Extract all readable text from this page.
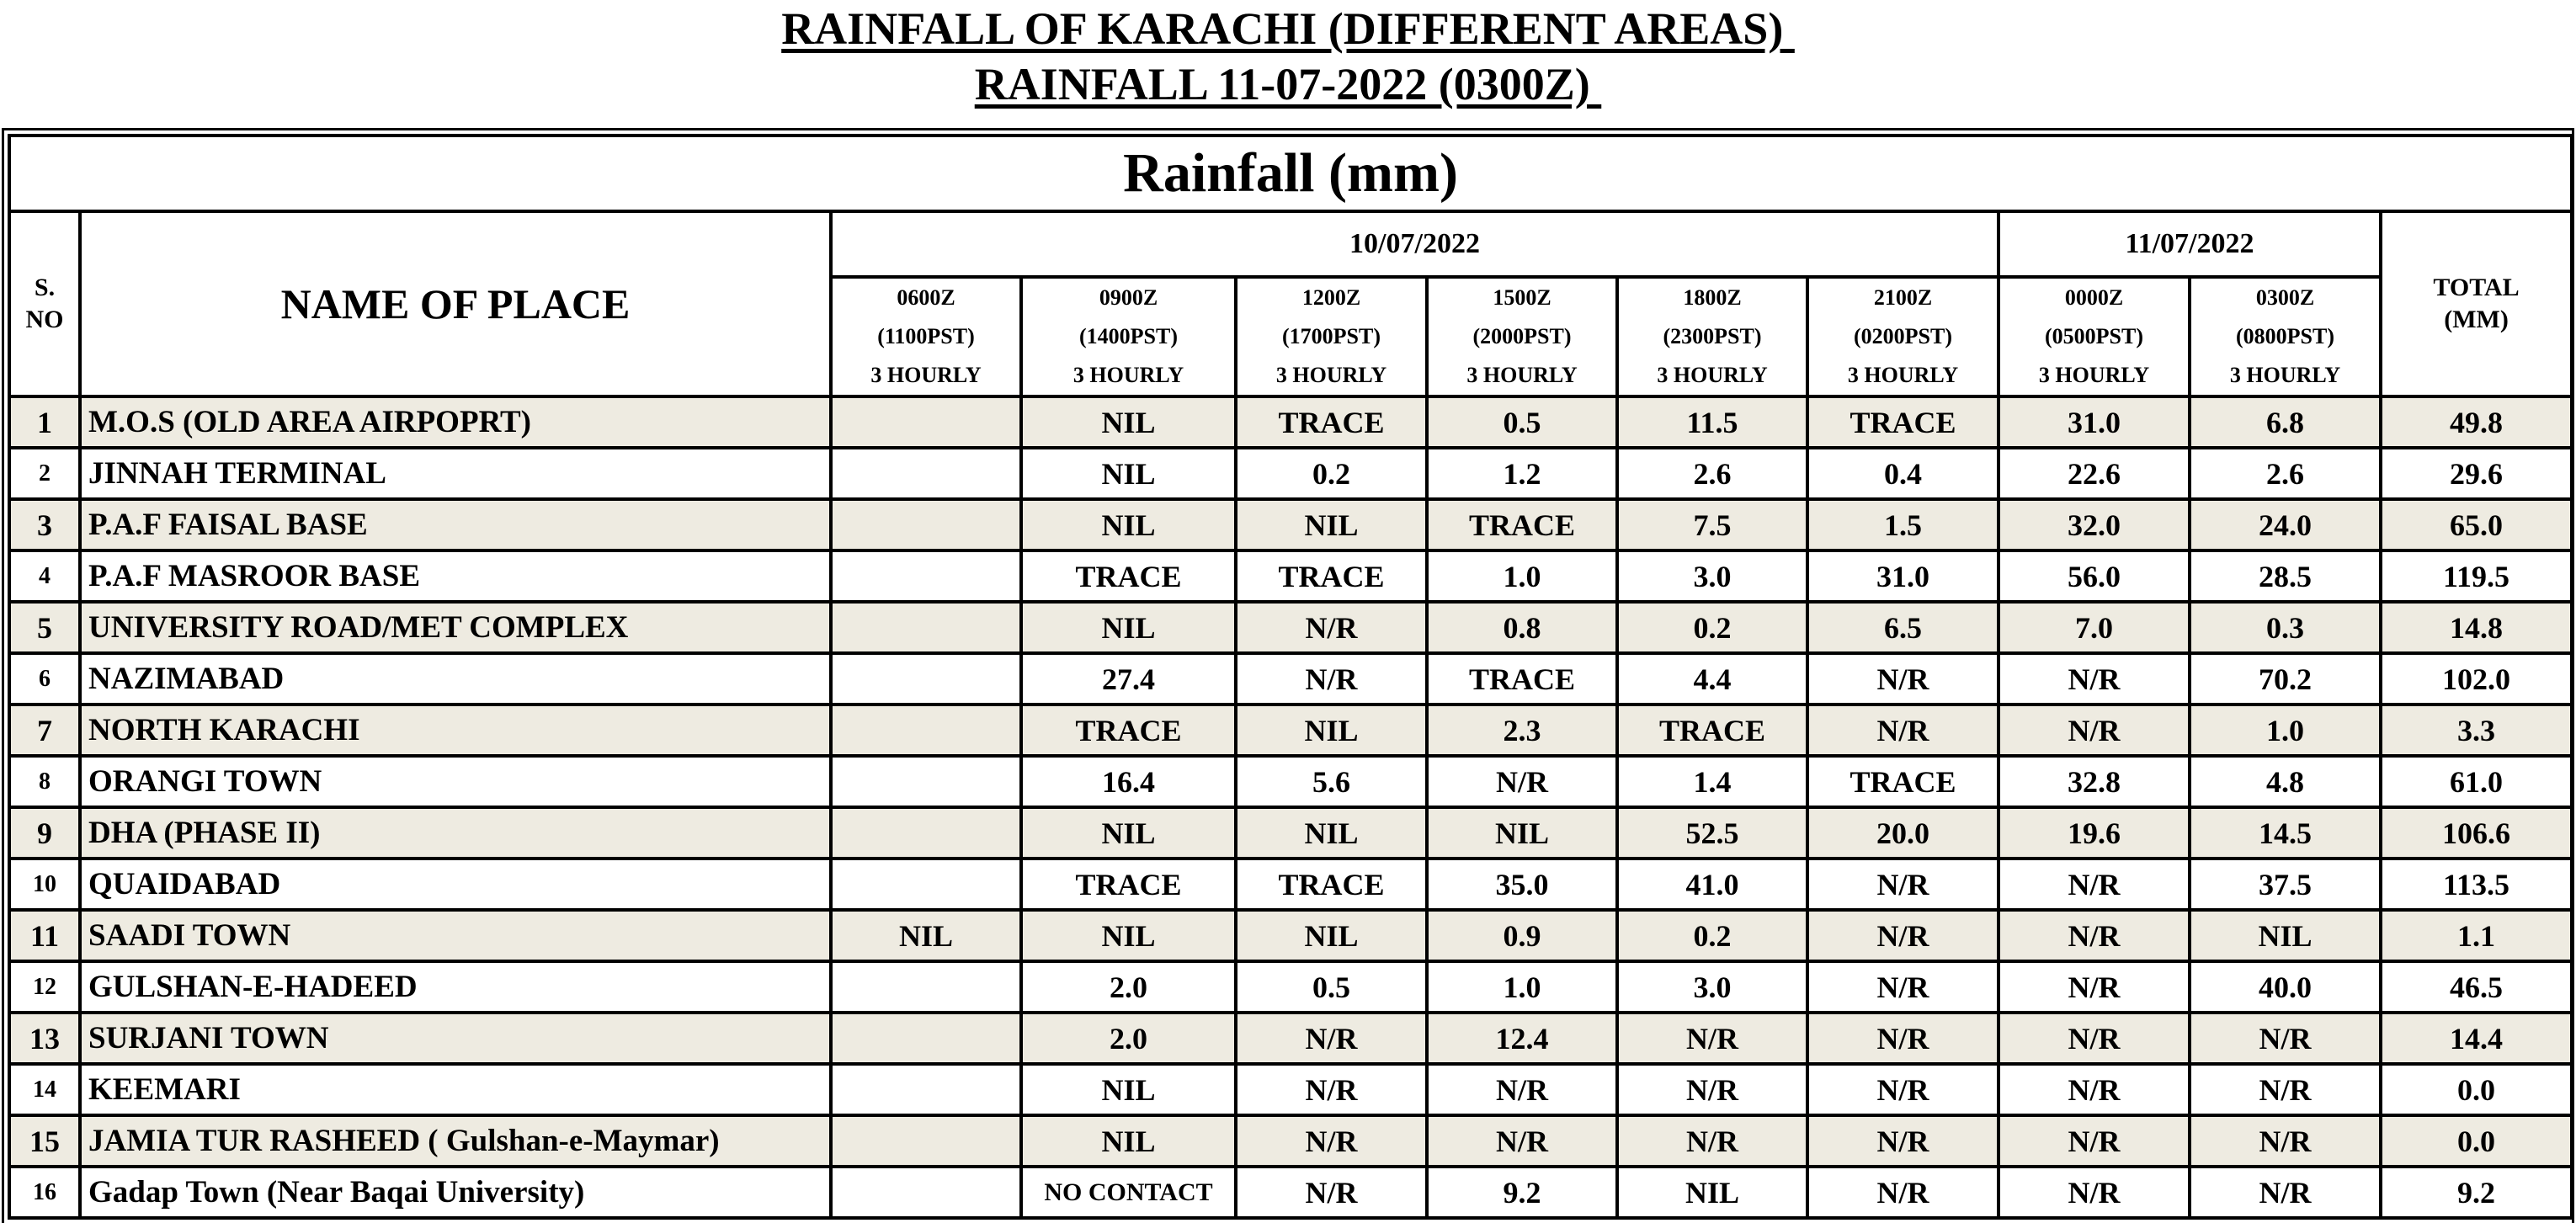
RAINFALL OF KARACHI (DIFFERENT AREAS)
RAINFALL 11-07-2022 (0300Z)
Rainfall (mm)										
S.
NO	NAME OF PLACE	10/07/2022						11/07/2022		TOTAL
(MM)
		0600Z
(1100PST)
3 HOURLY	0900Z
(1400PST)
3 HOURLY	1200Z
(1700PST)
3 HOURLY	1500Z
(2000PST)
3 HOURLY	1800Z
(2300PST)
3 HOURLY	2100Z
(0200PST)
3 HOURLY	0000Z
(0500PST)
3 HOURLY	0300Z
(0800PST)
3 HOURLY	
1	M.O.S (OLD AREA AIRPOPRT)		NIL	TRACE	0.5	11.5	TRACE	31.0	6.8	49.8
2	JINNAH TERMINAL		NIL	0.2	1.2	2.6	0.4	22.6	2.6	29.6
3	P.A.F FAISAL BASE		NIL	NIL	TRACE	7.5	1.5	32.0	24.0	65.0
4	P.A.F MASROOR BASE		TRACE	TRACE	1.0	3.0	31.0	56.0	28.5	119.5
5	UNIVERSITY ROAD/MET COMPLEX		NIL	N/R	0.8	0.2	6.5	7.0	0.3	14.8
6	NAZIMABAD		27.4	N/R	TRACE	4.4	N/R	N/R	70.2	102.0
7	NORTH KARACHI		TRACE	NIL	2.3	TRACE	N/R	N/R	1.0	3.3
8	ORANGI TOWN		16.4	5.6	N/R	1.4	TRACE	32.8	4.8	61.0
9	DHA (PHASE II)		NIL	NIL	NIL	52.5	20.0	19.6	14.5	106.6
10	QUAIDABAD		TRACE	TRACE	35.0	41.0	N/R	N/R	37.5	113.5
11	SAADI TOWN	NIL	NIL	NIL	0.9	0.2	N/R	N/R	NIL	1.1
12	GULSHAN-E-HADEED		2.0	0.5	1.0	3.0	N/R	N/R	40.0	46.5
13	SURJANI TOWN		2.0	N/R	12.4	N/R	N/R	N/R	N/R	14.4
14	KEEMARI		NIL	N/R	N/R	N/R	N/R	N/R	N/R	0.0
15	JAMIA TUR RASHEED ( Gulshan-e-Maymar)		NIL	N/R	N/R	N/R	N/R	N/R	N/R	0.0
16	Gadap Town (Near Baqai University)		NO CONTACT	N/R	9.2	NIL	N/R	N/R	N/R	9.2
